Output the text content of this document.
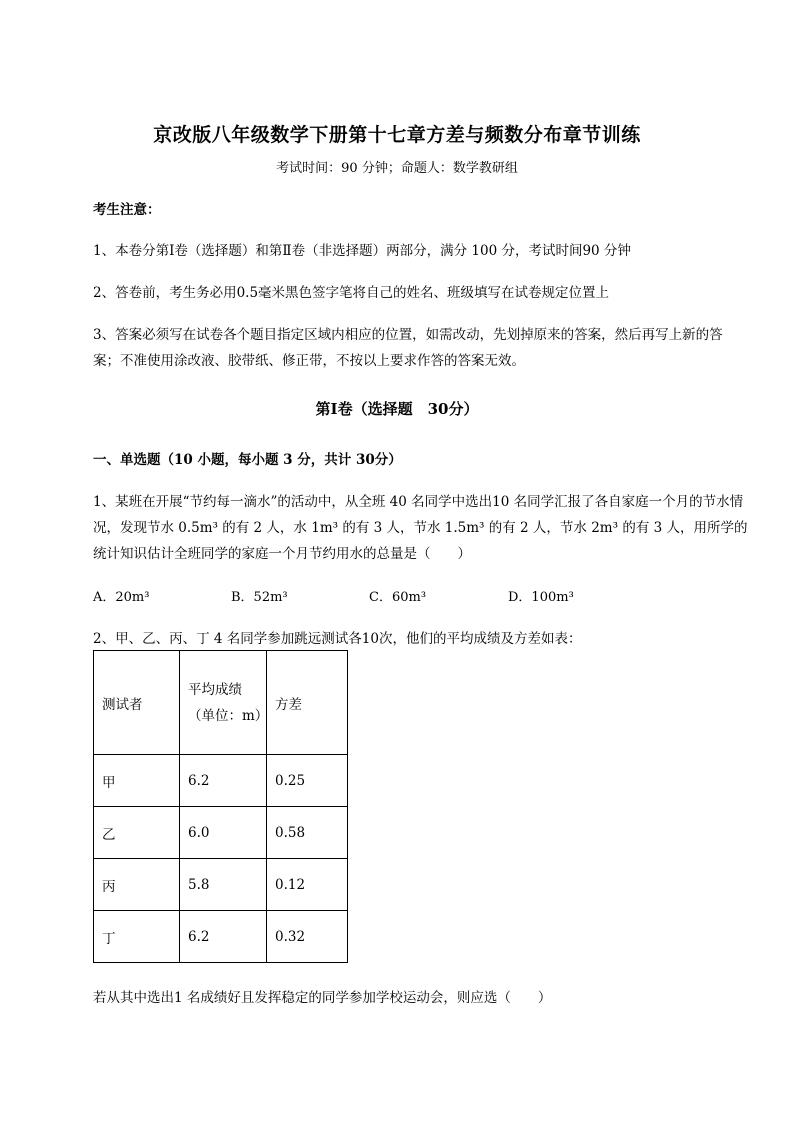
京改版八年级数学下册第十七章方差与频数分布章节训练
考试时间：90 分钟；命题人：数学教研组
考生注意：
1、本卷分第Ⅰ卷（选择题）和第Ⅱ卷（非选择题）两部分，满分 100 分，考试时间90 分钟
2、答卷前，考生务必用0.5毫米黑色签字笔将自己的姓名、班级填写在试卷规定位置上
3、答案必须写在试卷各个题目指定区域内相应的位置，如需改动，先划掉原来的答案，然后再写上新的答案；不准使用涂改液、胶带纸、修正带，不按以上要求作答的答案无效。
第Ⅰ卷（选择题　30分）
一、单选题（10 小题，每小题 3 分，共计 30分）
1、某班在开展“节约每一滴水”的活动中，从全班 40 名同学中选出10 名同学汇报了各自家庭一个月的节水情况，发现节水 0.5m³ 的有 2 人，水 1m³ 的有 3 人，节水 1.5m³ 的有 2 人，节水 2m³ 的有 3 人，用所学的统计知识估计全班同学的家庭一个月节约用水的总量是（　　）
A．20m³	B．52m³	C．60m³	D．100m³
2、甲、乙、丙、丁 4 名同学参加跳远测试各10次，他们的平均成绩及方差如表：
测试者	平均成绩（单位：m）	方差
甲	6.2	0.25
乙	6.0	0.58
丙	5.8	0.12
丁	6.2	0.32
若从其中选出1 名成绩好且发挥稳定的同学参加学校运动会，则应选（　　）
